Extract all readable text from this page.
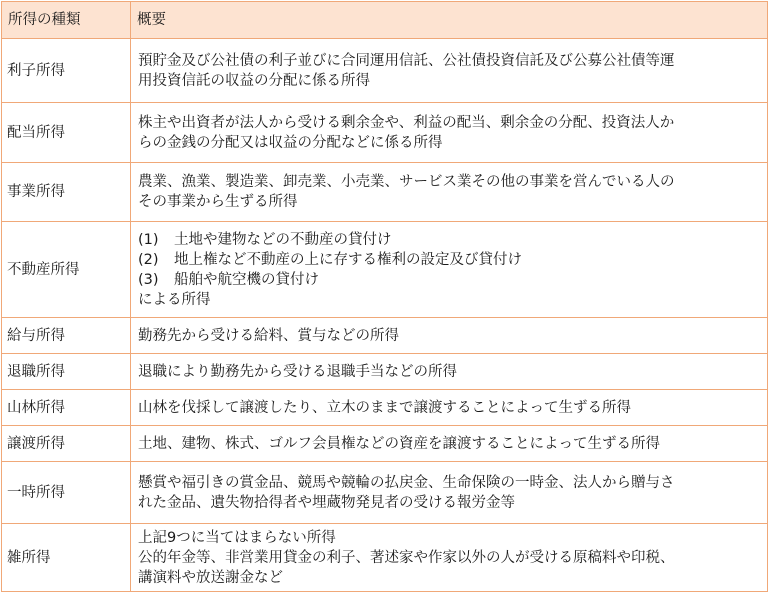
所得の種類	概要
利子所得	預貯金及び公社債の利子並びに合同運用信託、公社債投資信託及び公募公社債等運
用投資信託の収益の分配に係る所得

配当所得	株主や出資者が法人から受ける剰余金や、利益の配当、剰余金の分配、投資法人か
らの金銭の分配又は収益の分配などに係る所得

事業所得	農業、漁業、製造業、卸売業、小売業、サービス業その他の事業を営んでいる人の
その事業から生ずる所得

不動産所得	(1) 土地や建物などの不動産の貸付け
(2) 地上権など不動産の上に存する権利の設定及び貸付け
(3) 船舶や航空機の貸付け
による所得

給与所得	勤務先から受ける給料、賞与などの所得

退職所得	退職により勤務先から受ける退職手当などの所得

山林所得	山林を伐採して譲渡したり、立木のままで譲渡することによって生ずる所得

譲渡所得	土地、建物、株式、ゴルフ会員権などの資産を譲渡することによって生ずる所得

一時所得	懸賞や福引きの賞金品、競馬や競輪の払戻金、生命保険の一時金、法人から贈与さ
れた金品、遺失物拾得者や埋蔵物発見者の受ける報労金等

雑所得	上記9つに当てはまらない所得
公的年金等、非営業用貸金の利子、著述家や作家以外の人が受ける原稿料や印税、
講演料や放送謝金など
